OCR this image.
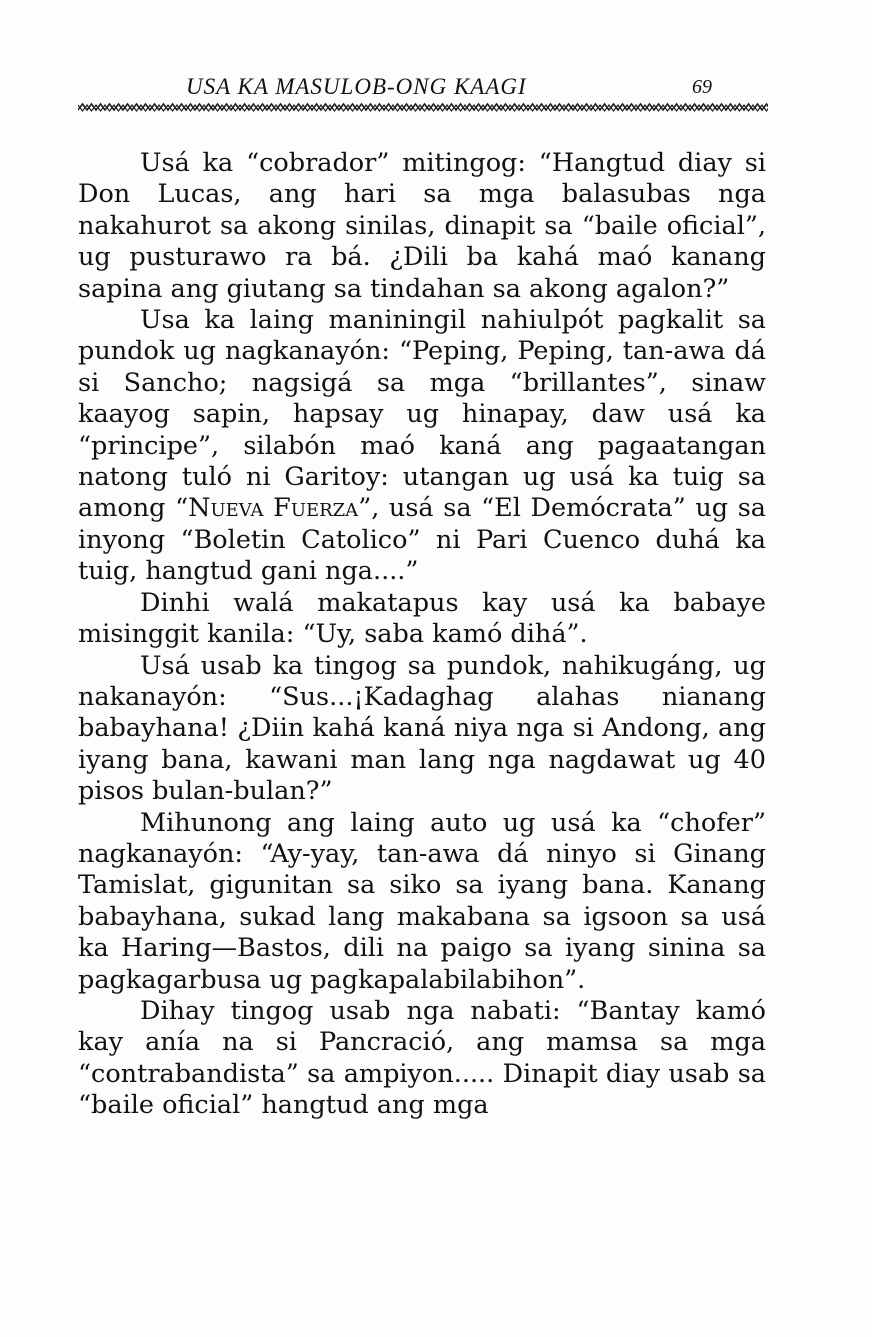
USA KA MASULOB-ONG KAAGI	69

Usá ka “cobrador” mitingog: “Hangtud diay si Don Lucas, ang hari sa mga balasubas nga nakahurot sa akong sinilas, dinapit sa “baile oficial”, ug pusturawo ra bá. ¿Dili ba kahá maó kanang sapina ang giutang sa tindahan sa akong agalon?”

Usa ka laing maniningil nahiulpót pagkalit sa pundok ug nagkanayón: “Peping, Peping, tan-awa dá si Sancho; nagsigá sa mga “brillantes”, sinaw kaayog sapin, hapsay ug hinapay, daw usá ka “principe”, silabón maó kaná ang pagaatangan natong tuló ni Garitoy: utangan ug usá ka tuig sa among “Nueva Fuerza”, usá sa “El Demócrata” ug sa inyong “Boletin Catolico” ni Pari Cuenco duhá ka tuig, hangtud gani nga....”

Dinhi walá makatapus kay usá ka babaye misinggit kanila: “Uy, saba kamó dihá”.

Usá usab ka tingog sa pundok, nahikugáng, ug nakanayón: “Sus...¡Kadaghag alahas nianang babayhana! ¿Diin kahá kaná niya nga si Andong, ang iyang bana, kawani man lang nga nagdawat ug 40 pisos bulan-bulan?”

Mihunong ang laing auto ug usá ka “chofer” nagkanayón: “Ay-yay, tan-awa dá ninyo si Ginang Tamislat, gigunitan sa siko sa iyang bana. Kanang babayhana, sukad lang makabana sa igsoon sa usá ka Haring—Bastos, dili na paigo sa iyang sinina sa pagkagarbusa ug pagkapalabilabihon”.

Dihay tingog usab nga nabati: “Bantay kamó kay anía na si Pancració, ang mamsa sa mga “contrabandista” sa ampiyon..... Dinapit diay usab sa “baile oficial” hangtud ang mga
